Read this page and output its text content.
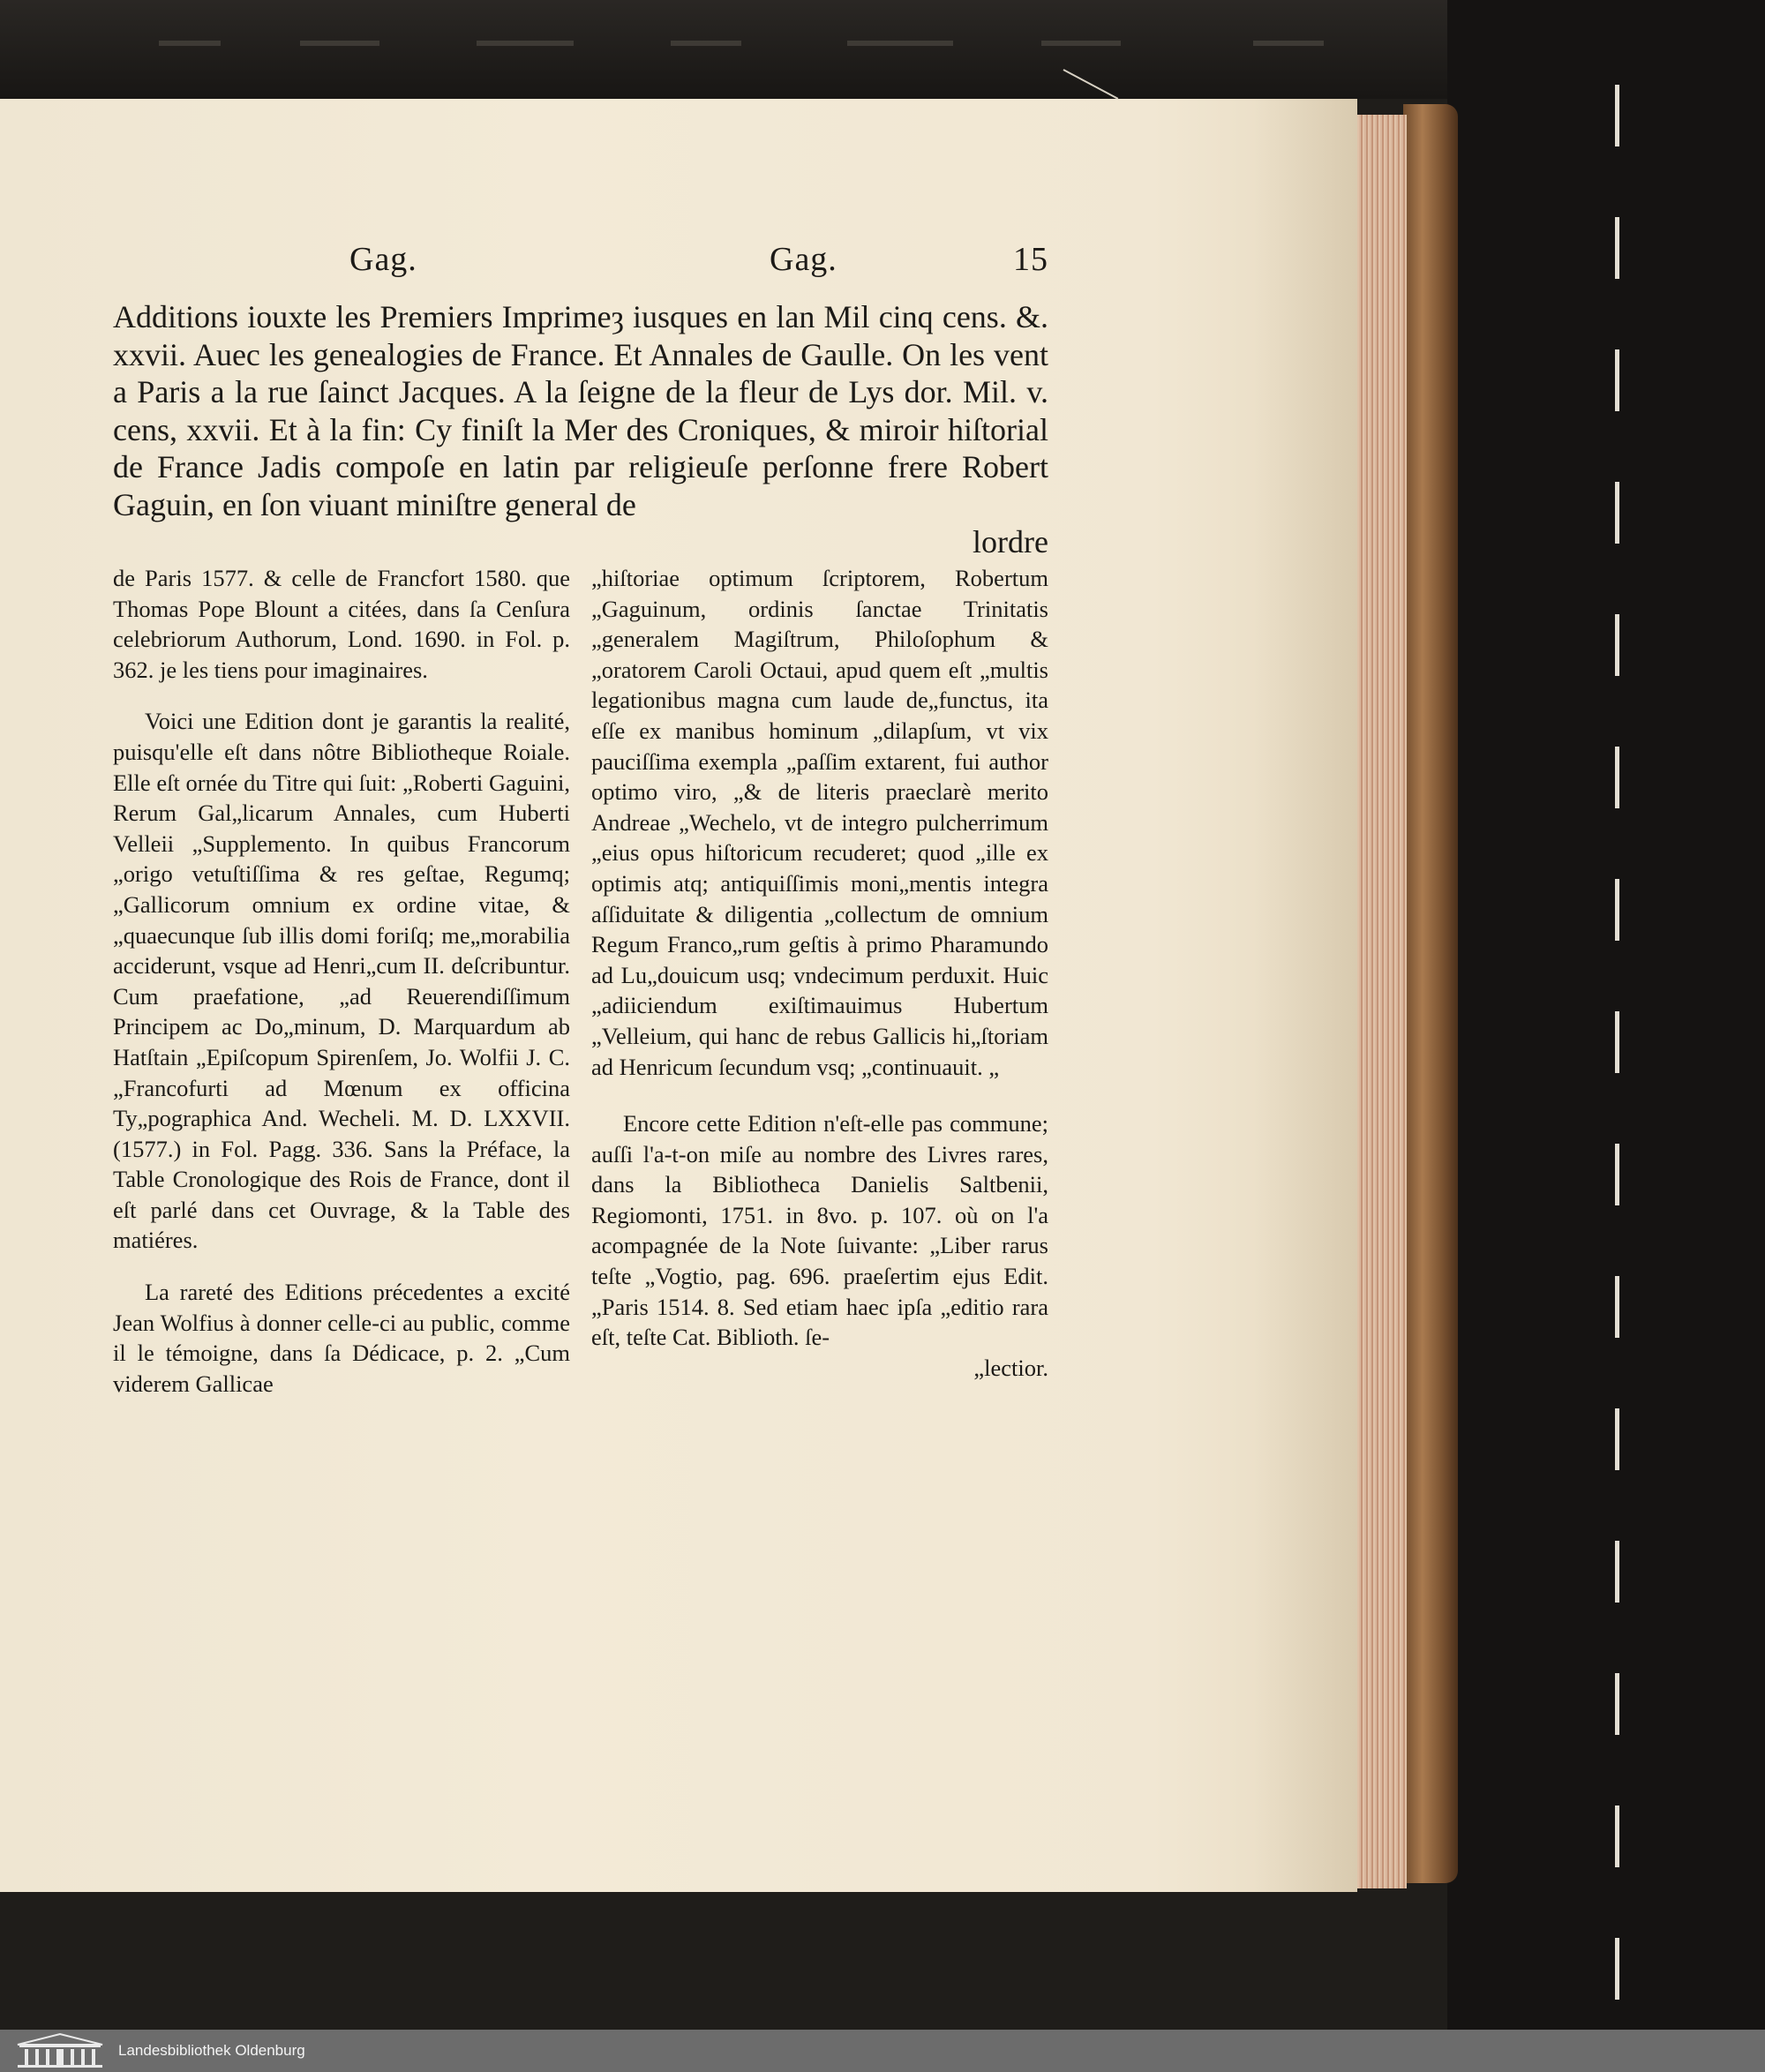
Gag.	Gag.	15
Additions iouxte les Premiers Imprimeȝ iusques en lan Mil cinq cens. &. xxvii. Auec les genealogies de France. Et Annales de Gaulle. On les vent a Paris a la rue ſainct Jacques. A la ſeigne de la fleur de Lys dor. Mil. v. cens, xxvii. Et à la fin: Cy finiſt la Mer des Croniques, & miroir hiſtorial de France Jadis compoſe en latin par religieuſe perſonne frere Robert Gaguin, en ſon viuant miniſtre general de
lordre

de Paris 1577. & celle de Francfort 1580. que Thomas Pope Blount a citées, dans ſa Cenſura celebriorum Authorum, Lond. 1690. in Fol. p. 362. je les tiens pour imaginaires.

Voici une Edition dont je garantis la realité, puisqu'elle eſt dans nôtre Bibliotheque Roiale. Elle eſt ornée du Titre qui ſuit: „Roberti Gaguini, Rerum Gal„licarum Annales, cum Huberti Velleii „Supplemento. In quibus Francorum „origo vetuſtiſſima & res geſtae, Regumq; „Gallicorum omnium ex ordine vitae, & „quaecunque ſub illis domi foriſq; me„morabilia acciderunt, vsque ad Henri„cum II. deſcribuntur. Cum praefatione, „ad Reuerendiſſimum Principem ac Do„minum, D. Marquardum ab Hatſtain „Epiſcopum Spirenſem, Jo. Wolfii J. C. „Francofurti ad Mœnum ex officina Ty„pographica And. Wecheli. M. D. LXXVII. (1577.) in Fol. Pagg. 336. Sans la Préface, la Table Cronologique des Rois de France, dont il eſt parlé dans cet Ouvrage, & la Table des matiéres.

La rareté des Editions précedentes a excité Jean Wolfius à donner celle-ci au public, comme il le témoigne, dans ſa Dédicace, p. 2. „Cum viderem Gallicae

„hiſtoriae optimum ſcriptorem, Robertum „Gaguinum, ordinis ſanctae Trinitatis „generalem Magiſtrum, Philoſophum & „oratorem Caroli Octaui, apud quem eſt „multis legationibus magna cum laude de„functus, ita eſſe ex manibus hominum „dilapſum, vt vix pauciſſima exempla „paſſim extarent, fui author optimo viro, „& de literis praeclarè merito Andreae „Wechelo, vt de integro pulcherrimum „eius opus hiſtoricum recuderet; quod „ille ex optimis atq; antiquiſſimis moni„mentis integra aſſiduitate & diligentia „collectum de omnium Regum Franco„rum geſtis à primo Pharamundo ad Lu„douicum usq; vndecimum perduxit. Huic „adiiciendum exiſtimauimus Hubertum „Velleium, qui hanc de rebus Gallicis hi„ſtoriam ad Henricum ſecundum vsq; „continuauit. „

Encore cette Edition n'eſt-elle pas commune; auſſi l'a-t-on miſe au nombre des Livres rares, dans la Bibliotheca Danielis Saltbenii, Regiomonti, 1751. in 8vo. p. 107. où on l'a acompagnée de la Note ſuivante: „Liber rarus teſte „Vogtio, pag. 696. praeſertim ejus Edit. „Paris 1514. 8. Sed etiam haec ipſa „editio rara eſt, teſte Cat. Biblioth. ſe-

„lectior.
Landesbibliothek Oldenburg
